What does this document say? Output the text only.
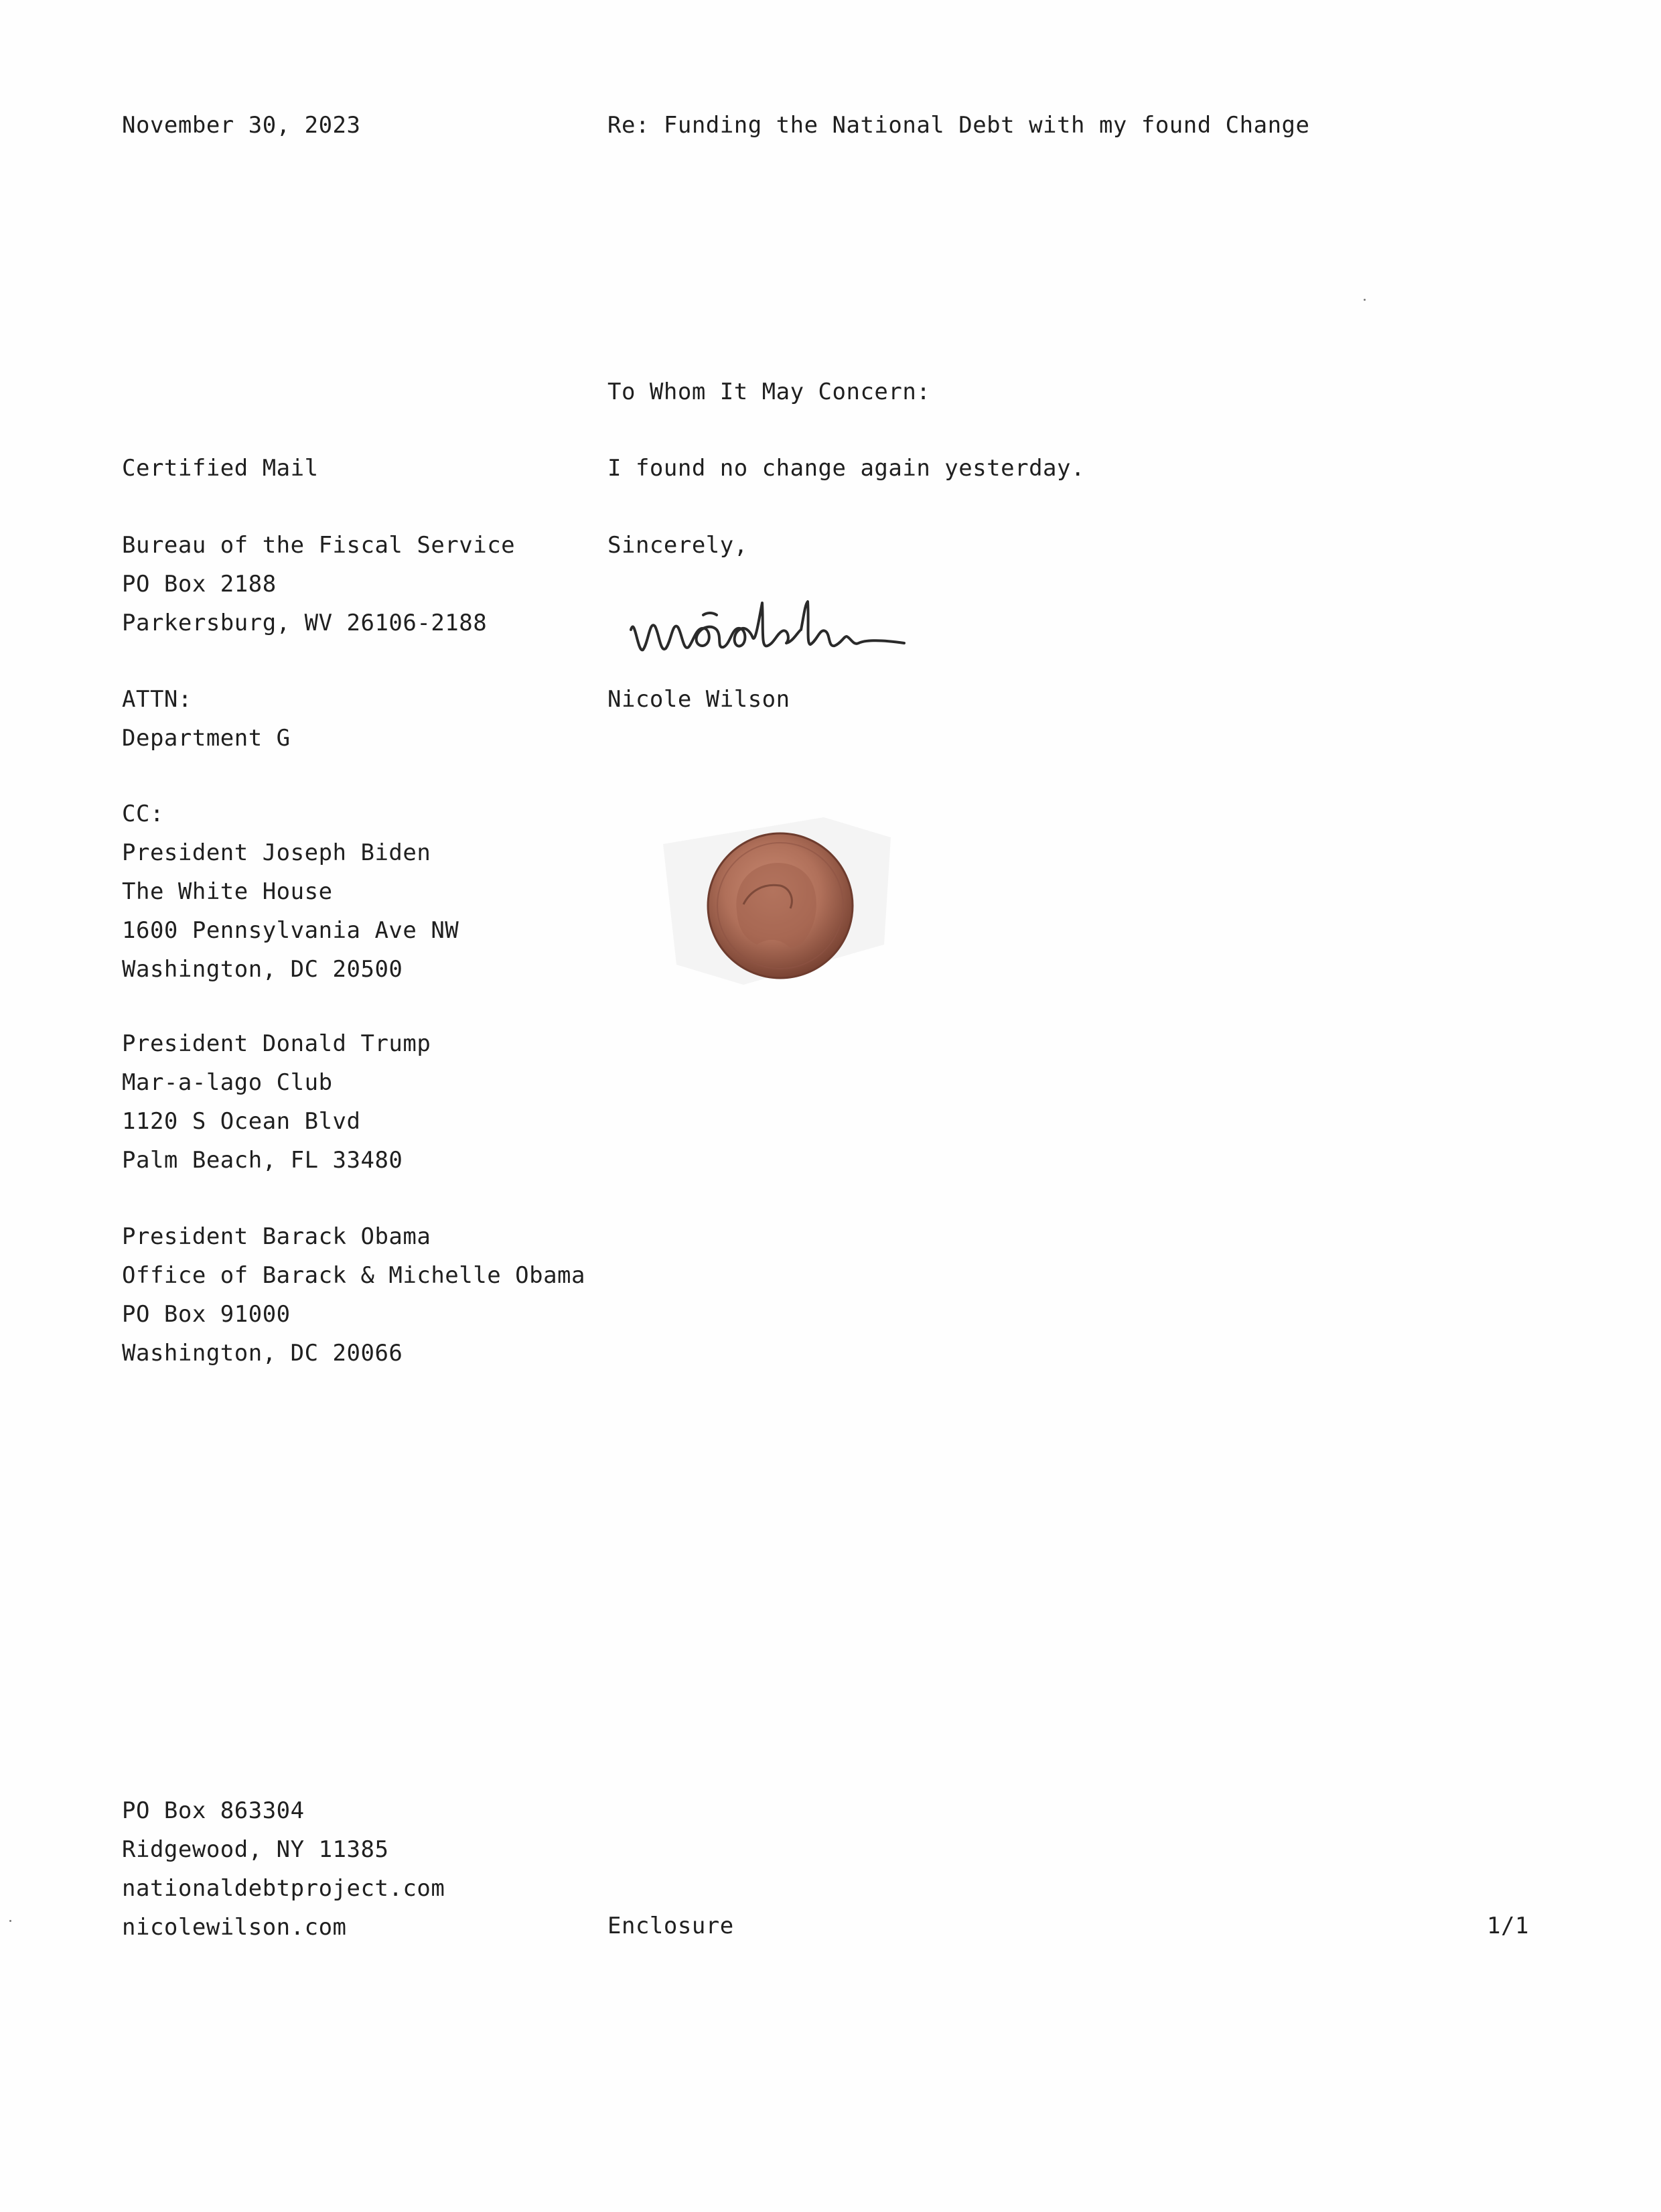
November 30, 2023	Re: Funding the National Debt with my found Change
To Whom It May Concern:
I found no change again yesterday.
Sincerely,
Nicole Wilson
Certified Mail
Bureau of the Fiscal Service
PO Box 2188
Parkersburg, WV 26106-2188
ATTN:
Department G
CC:
President Joseph Biden
The White House
1600 Pennsylvania Ave NW
Washington, DC 20500
President Donald Trump
Mar-a-lago Club
1120 S Ocean Blvd
Palm Beach, FL 33480
President Barack Obama
Office of Barack & Michelle Obama
PO Box 91000
Washington, DC 20066
PO Box 863304
Ridgewood, NY 11385
nationaldebtproject.com
nicolewilson.com	Enclosure	1/1
